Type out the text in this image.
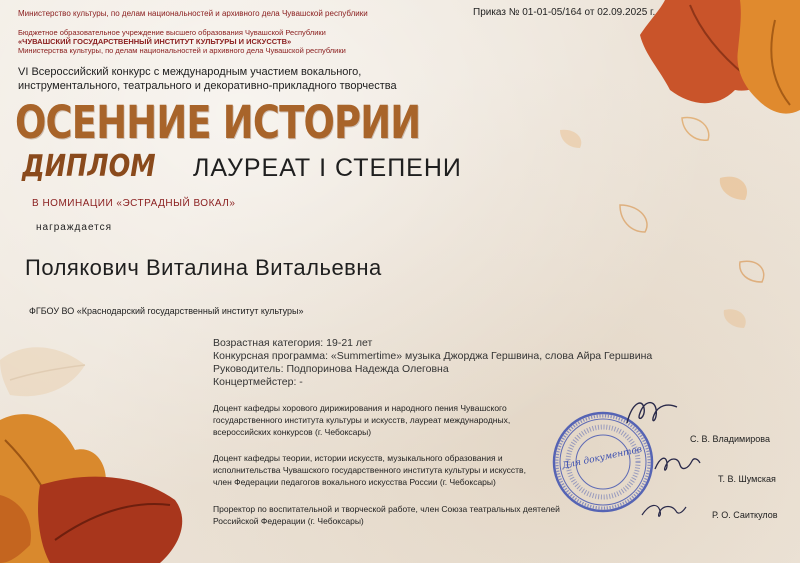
Министерство культуры, по делам национальностей и архивного дела Чувашской республики	Приказ № 01-01-05/164 от 02.09.2025 г.
Бюджетное образовательное учреждение высшего образования Чувашской Республики
«ЧУВАШСКИЙ ГОСУДАРСТВЕННЫЙ ИНСТИТУТ КУЛЬТУРЫ И ИСКУССТВ»
Министерства культуры, по делам национальностей и архивного дела Чувашской республики
VI Всероссийский конкурс с международным участием вокального,
инструментального, театрального и декоративно-прикладного творчества
ОСЕННИЕ ИСТОРИИ
ДИПЛОМ ЛАУРЕАТ I СТЕПЕНИ
В НОМИНАЦИИ «ЭСТРАДНЫЙ ВОКАЛ»
награждается
Полякович Виталина Витальевна
ФГБОУ ВО «Краснодарский государственный институт культуры»
Возрастная категория: 19-21 лет
Конкурсная программа: «Summertime» музыка Джорджа Гершвина, слова Айра Гершвина
Руководитель: Подпоринова Надежда Олеговна
Концертмейстер: -
Для документов
Доцент кафедры хорового дирижирования и народного пения Чувашского
государственного института культуры и искусств, лауреат международных,
всероссийских конкурсов (г. Чебоксары)
Доцент кафедры теории, истории искусств, музыкального образования и
исполнительства Чувашского государственного института культуры и искусств,
член Федерации педагогов вокального искусства России (г. Чебоксары)
Проректор по воспитательной и творческой работе, член Союза театральных деятелей
Российской Федерации (г. Чебоксары)
С. В. Владимирова
Т. В. Шумская
Р. О. Саиткулов
